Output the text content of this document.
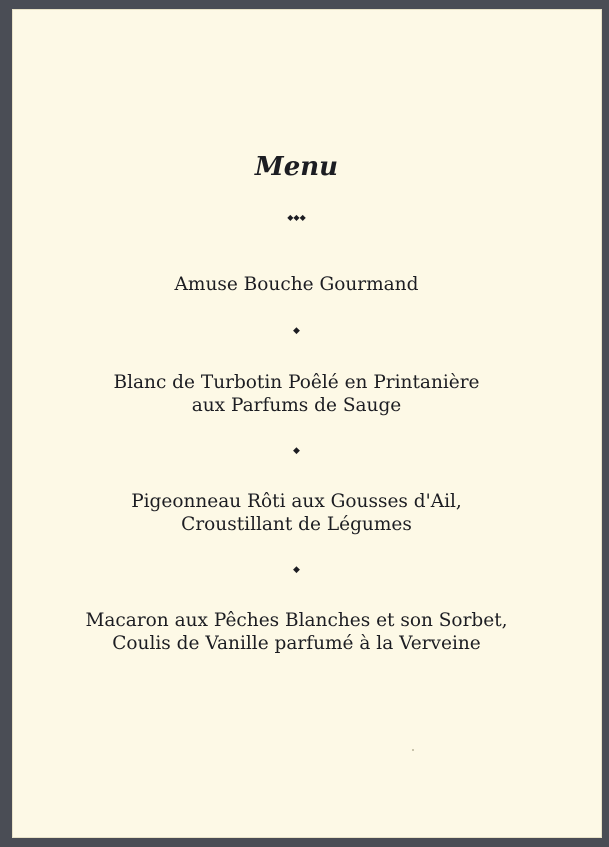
Menu
◆◆◆
Amuse Bouche Gourmand
◆
Blanc de Turbotin Poêlé en Printanière
aux Parfums de Sauge
◆
Pigeonneau Rôti aux Gousses d'Ail,
Croustillant de Légumes
◆
Macaron aux Pêches Blanches et son Sorbet,
Coulis de Vanille parfumé à la Verveine
